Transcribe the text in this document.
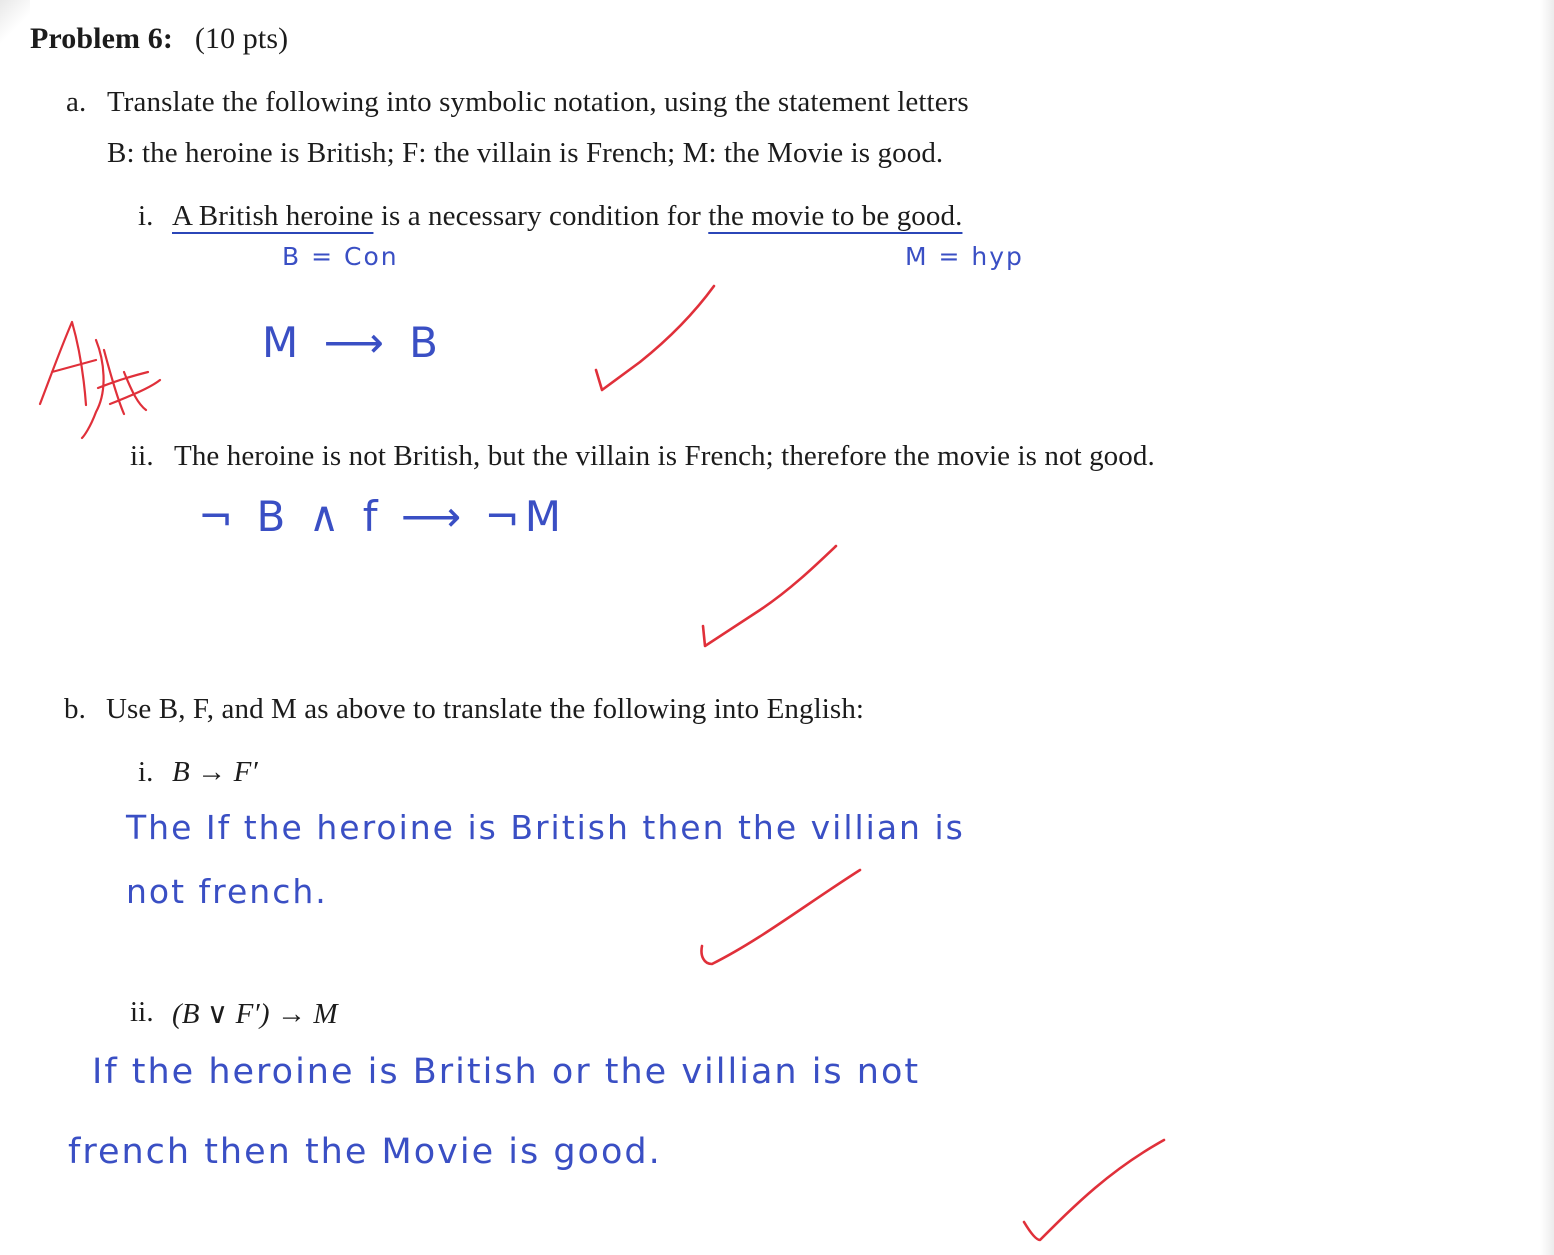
Problem 6: (10 pts)
a. Translate the following into symbolic notation, using the statement letters
B: the heroine is British; F: the villain is French; M: the Movie is good.
i. A British heroine is a necessary condition for the movie to be good.
B = Con	M = hyp
M ⟶ B
ii. The heroine is not British, but the villain is French; therefore the movie is not good.
¬ B ∧ f ⟶ ¬M
b. Use B, F, and M as above to translate the following into English:
i. B → F′
The If the heroine is British then the villian is
not french.
ii. (B ∨ F′) → M
If the heroine is British or the villian is not
french then the Movie is good.
